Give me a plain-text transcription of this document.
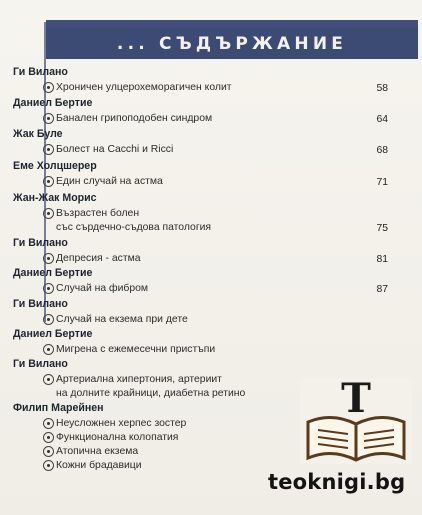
... СЪДЪРЖАНИЕ
Ги Вилано
Хроничен улцерохеморагичен колит	58
Даниел Бертие
Банален грипоподобен синдром	64
Жак Буле
Болест на Cacchi и Ricci	68
Еме Холцшерер
Един случай на астма	71
Жан-Жак Морис
Възрастен болен
със сърдечно-съдова патология	75
Ги Вилано
Депресия - астма	81
Даниел Бертие
Случай на фибром	87
Ги Вилано
Случай на екзема при дете
Даниел Бертие
Мигрена с ежемесечни пристъпи
Ги Вилано
Артериална хипертония, артериит
на долните крайници, диабетна ретино
Филип Марейнен
Неусложнен херпес зостер
Функционална колопатия
Атопична екзема
Кожни брадавици
T
teoknigi.bg
